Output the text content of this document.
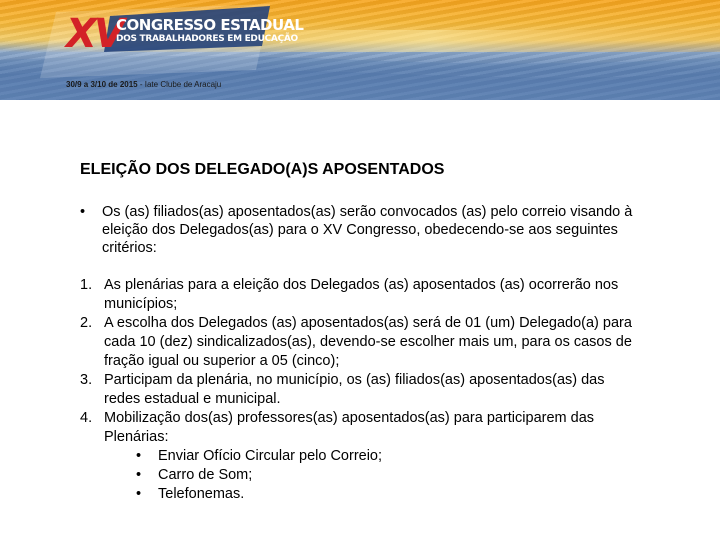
XV
CONGRESSO ESTADUAL
DOS TRABALHADORES EM EDUCAÇÃO
30/9 a 3/10 de 2015 - Iate Clube de Aracaju
ELEIÇÃO DOS DELEGADO(A)S APOSENTADOS
• Os (as) filiados(as) aposentados(as) serão convocados (as) pelo correio visando à eleição dos Delegados(as) para o XV Congresso, obedecendo-se aos seguintes critérios:
1. As plenárias para a eleição dos Delegados (as) aposentados (as) ocorrerão nos municípios;
2. A escolha dos Delegados (as) aposentados(as) será de 01 (um) Delegado(a) para cada 10 (dez) sindicalizados(as), devendo-se escolher mais um, para os casos de fração igual ou superior a 05 (cinco);
3. Participam da plenária, no município, os (as) filiados(as) aposentados(as) das redes estadual e municipal.
4. Mobilização dos(as) professores(as) aposentados(as) para participarem das Plenárias:
• Enviar Ofício Circular pelo Correio;
• Carro de Som;
• Telefonemas.
